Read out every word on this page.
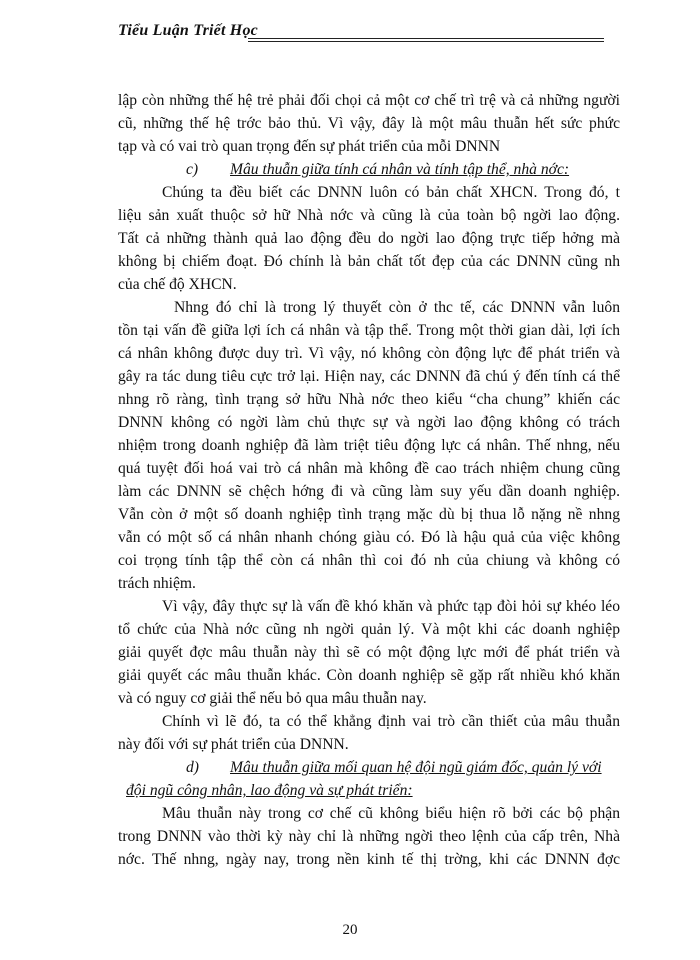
Tiểu Luận Triết Học
lập còn những thế hệ trẻ phải đối chọi cả một cơ chế trì trệ và cả những người
cũ, những thế hệ trớc bảo thủ. Vì vậy, đây là một mâu thuẫn hết sức phức
tạp và có vai trò quan trọng đến sự phát triển của mỗi DNNN
c) Mâu thuẫn giữa tính cá nhân và tính tập thể, nhà nớc:
Chúng ta đều biết các DNNN luôn có bản chất XHCN. Trong đó, t
liệu sản xuất thuộc sở hữ Nhà nớc và cũng là của toàn bộ ngời lao động.
Tất cả những thành quả lao động đều do ngời lao động trực tiếp hởng mà
không bị chiếm đoạt. Đó chính là bản chất tốt đẹp của các DNNN cũng nh
của chế độ XHCN.
Nhng đó chỉ là trong lý thuyết còn ở thc tế, các DNNN vẫn luôn
tồn tại vấn đề giữa lợi ích cá nhân và tập thể. Trong một thời gian dài, lợi ích
cá nhân không được duy trì. Vì vậy, nó không còn động lực để phát triển và
gây ra tác dung tiêu cực trở lại. Hiện nay, các DNNN đã chú ý đến tính cá thể
nhng rõ ràng, tình trạng sở hữu Nhà nớc theo kiểu “cha chung” khiến các
DNNN không có ngời làm chủ thực sự và ngời lao động không có trách
nhiệm trong doanh nghiệp đã làm triệt tiêu động lực cá nhân. Thế nhng, nếu
quá tuyệt đối hoá vai trò cá nhân mà không đề cao trách nhiệm chung cũng
làm các DNNN sẽ chệch hớng đi và cũng làm suy yếu dần doanh nghiệp.
Vẫn còn ở một số doanh nghiệp tình trạng mặc dù bị thua lỗ nặng nề nhng
vẫn có một số cá nhân nhanh chóng giàu có. Đó là hậu quả của việc không
coi trọng tính tập thể còn cá nhân thì coi đó nh của chiung và không có
trách nhiệm.
Vì vậy, đây thực sự là vấn đề khó khăn và phức tạp đòi hỏi sự khéo léo
tổ chức của Nhà nớc cũng nh ngời quản lý. Và một khi các doanh nghiệp
giải quyết đợc mâu thuẫn này thì sẽ có một động lực mới để phát triển và
giải quyết các mâu thuẫn khác. Còn doanh nghiệp sẽ gặp rất nhiều khó khăn
và có nguy cơ giải thể nếu bỏ qua mâu thuẫn nay.
Chính vì lẽ đó, ta có thể khẳng định vai trò cần thiết của mâu thuẫn
này đối với sự phát triển của DNNN.
d) Mâu thuẫn giữa mối quan hệ đội ngũ giám đốc, quản lý với
đội ngũ công nhân, lao động và sự phát triển:
Mâu thuẫn này trong cơ chế cũ không biểu hiện rõ bởi các bộ phận
trong DNNN vào thời kỳ này chỉ là những ngời theo lệnh của cấp trên, Nhà
nớc. Thế nhng, ngày nay, trong nền kinh tế thị trờng, khi các DNNN đợc
20
